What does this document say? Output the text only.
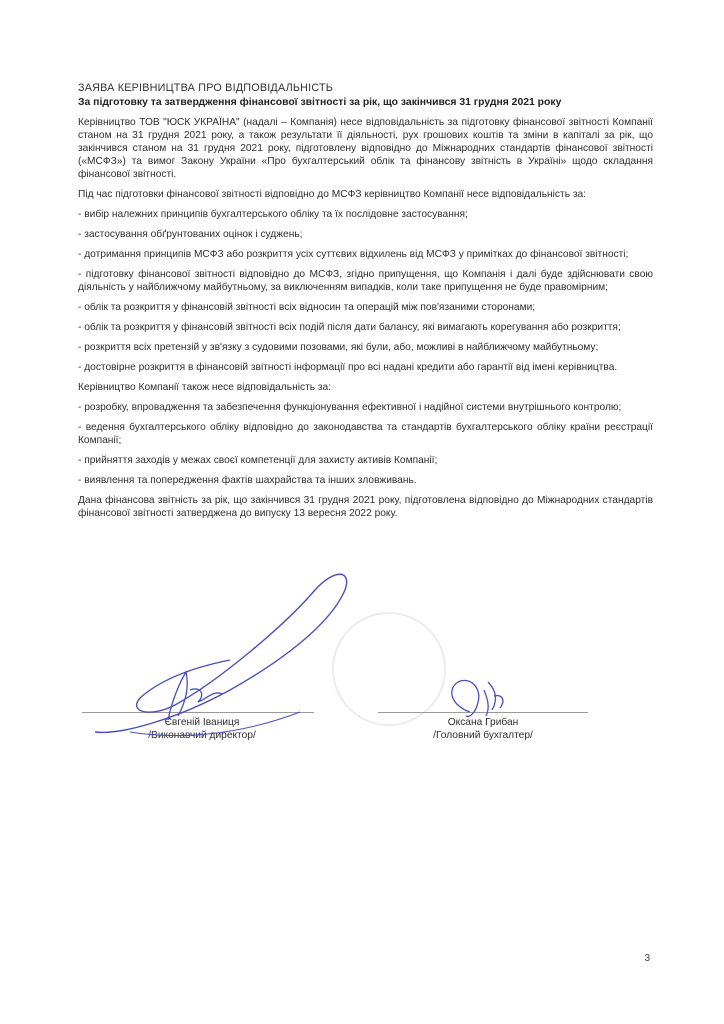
ЗАЯВА КЕРІВНИЦТВА ПРО ВІДПОВІДАЛЬНІСТЬ
За підготовку та затвердження фінансової звітності за рік, що закінчився 31 грудня 2021 року

Керівництво ТОВ "ЮСК УКРАЇНА" (надалі – Компанія) несе відповідальність за підготовку фінансової звітності Компанії станом на 31 грудня 2021 року, а також результати її діяльності, рух грошових коштів та зміни в капіталі за рік, що закінчився станом на 31 грудня 2021 року, підготовлену відповідно до Міжнародних стандартів фінансової звітності («МСФЗ») та вимог Закону України «Про бухгалтерський облік та фінансову звітність в Україні» щодо складання фінансової звітності.

Під час підготовки фінансової звітності відповідно до МСФЗ керівництво Компанії несе відповідальність за:

- вибір належних принципів бухгалтерського обліку та їх послідовне застосування;

- застосування обґрунтованих оцінок і суджень;

- дотримання принципів МСФЗ або розкриття усіх суттєвих відхилень від МСФЗ у примітках до фінансової звітності;

- підготовку фінансової звітності відповідно до МСФЗ, згідно припущення, що Компанія і далі буде здійснювати свою діяльність у найближчому майбутньому, за виключенням випадків, коли таке припущення не буде правомірним;

- облік та розкриття у фінансовій звітності всіх відносин та операцій між пов'язаними сторонами;

- облік та розкриття у фінансовій звітності всіх подій після дати балансу, які вимагають корегування або розкриття;

- розкриття всіх претензій у зв'язку з судовими позовами, які були, або, можливі в найближчому майбутньому;

- достовірне розкриття в фінансовій звітності інформації про всі надані кредити або гарантії від імені керівництва.

Керівництво Компанії також несе відповідальність за:

- розробку, впровадження та забезпечення функціонування ефективної і надійної системи внутрішнього контролю;

- ведення бухгалтерського обліку відповідно до законодавства та стандартів бухгалтерського обліку країни реєстрації Компанії;

- прийняття заходів у межах своєї компетенції для захисту активів Компанії;

- виявлення та попередження фактів шахрайства та інших зловживань.

Дана фінансова звітність за рік, що закінчився 31 грудня 2021 року, підготовлена відповідно до Міжнародних стандартів фінансової звітності затверджена до випуску 13 вересня 2022 року.

Євгеній Іваниця
/Виконавчий директор/
Оксана Грибан
/Головний бухгалтер/
3
